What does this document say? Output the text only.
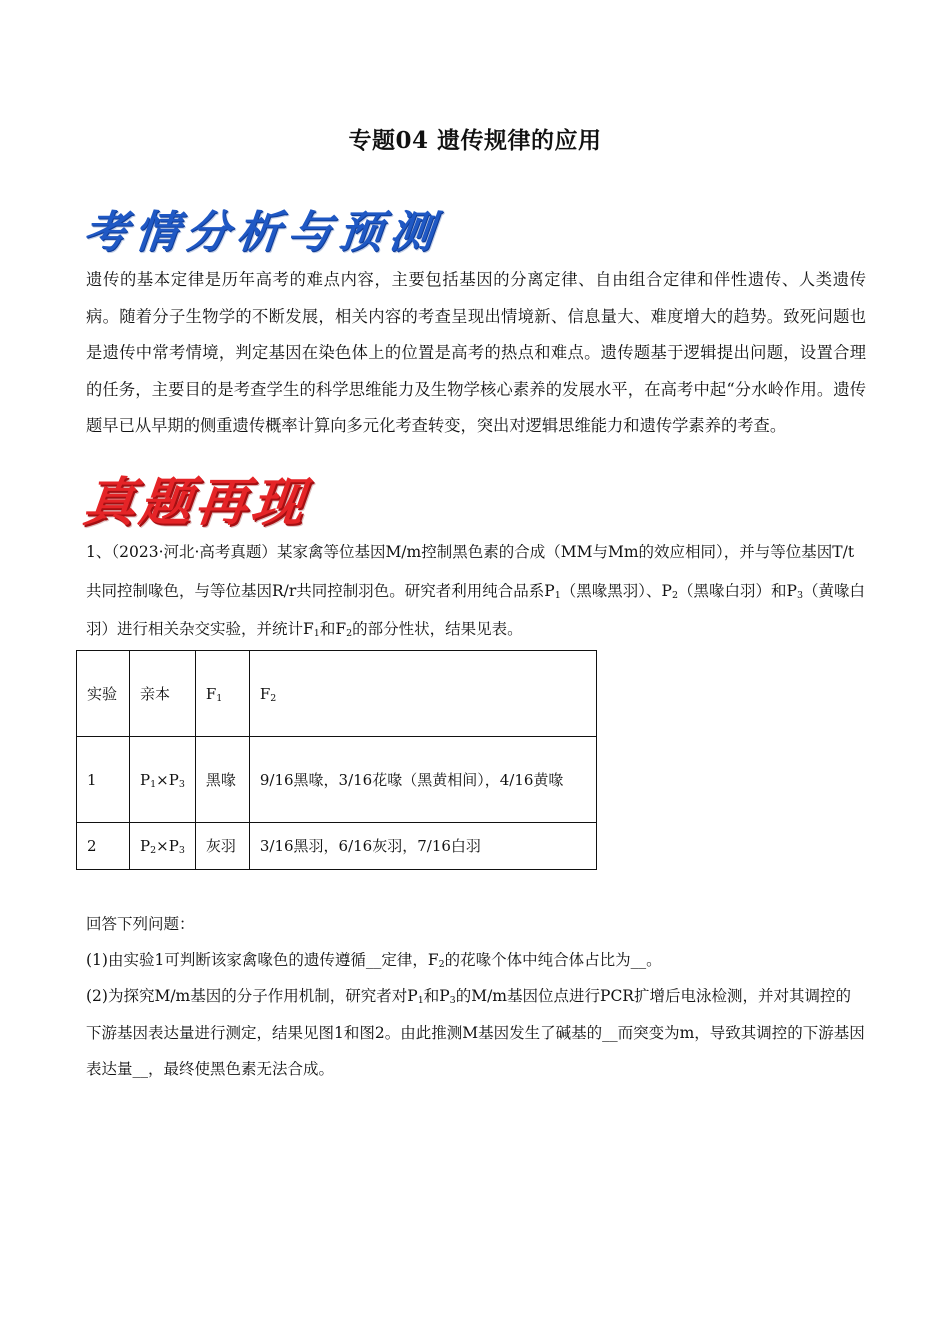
专题04 遗传规律的应用
考情分析与预测
遗传的基本定律是历年高考的难点内容，主要包括基因的分离定律、自由组合定律和伴性遗传、人类遗传病。随着分子生物学的不断发展，相关内容的考查呈现出情境新、信息量大、难度增大的趋势。致死问题也是遗传中常考情境，判定基因在染色体上的位置是高考的热点和难点。遗传题基于逻辑提出问题，设置合理的任务，主要目的是考查学生的科学思维能力及生物学核心素养的发展水平，在高考中起“分水岭作用。遗传题早已从早期的侧重遗传概率计算向多元化考查转变，突出对逻辑思维能力和遗传学素养的考查。
真题再现
1、（2023·河北·高考真题）某家禽等位基因M/m控制黑色素的合成（MM与Mm的效应相同），并与等位基因T/t共同控制喙色，与等位基因R/r共同控制羽色。研究者利用纯合品系$P_1$（黑喙黑羽）、$P_2$（黑喙白羽）和$P_3$（黄喙白羽）进行相关杂交实验，并统计$F_1$和$F_2$的部分性状，结果见表。
实验	亲本	$F_1$	$F_2$
1	$P_1\times P_3$	黑喙	9/16黑喙，3/16花喙（黑黄相间），4/16黄喙
2	$P_2\times P_3$	灰羽	3/16黑羽，6/16灰羽，7/16白羽
回答下列问题：
(1)由实验1可判断该家禽喙色的遗传遵循__定律，$F_2$的花喙个体中纯合体占比为__。
(2)为探究M/m基因的分子作用机制，研究者对$P_1$和$P_3$的M/m基因位点进行PCR扩增后电泳检测，并对其调控的下游基因表达量进行测定，结果见图1和图2。由此推测M基因发生了碱基的__而突变为m，导致其调控的下游基因表达量__，最终使黑色素无法合成。
